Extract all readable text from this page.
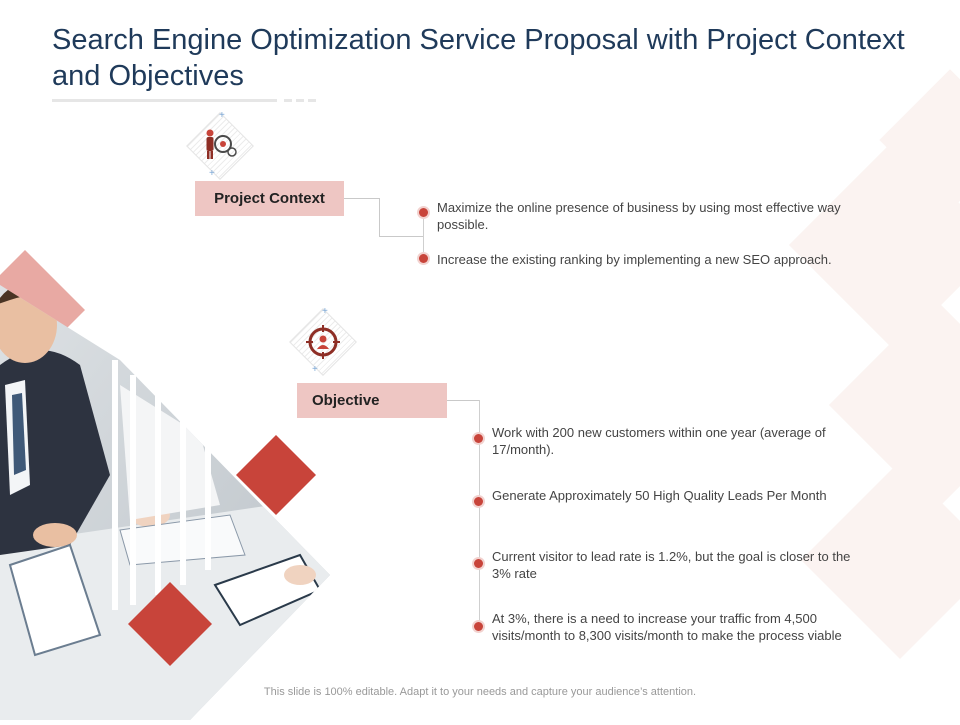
Search Engine Optimization Service Proposal with Project Context and Objectives
+
+
Project Context
Maximize the online presence of business by using most effective way possible.
Increase the existing ranking by implementing a new SEO approach.
+
+
Objective
Work with 200 new customers within one year (average of 17/month).
Generate Approximately 50 High Quality Leads Per Month
Current visitor to lead rate is 1.2%, but the goal is closer to the 3% rate
At 3%, there is a need to increase your traffic from 4,500 visits/month to 8,300 visits/month to make the process viable
This slide is 100% editable. Adapt it to your needs and capture your audience’s attention.
